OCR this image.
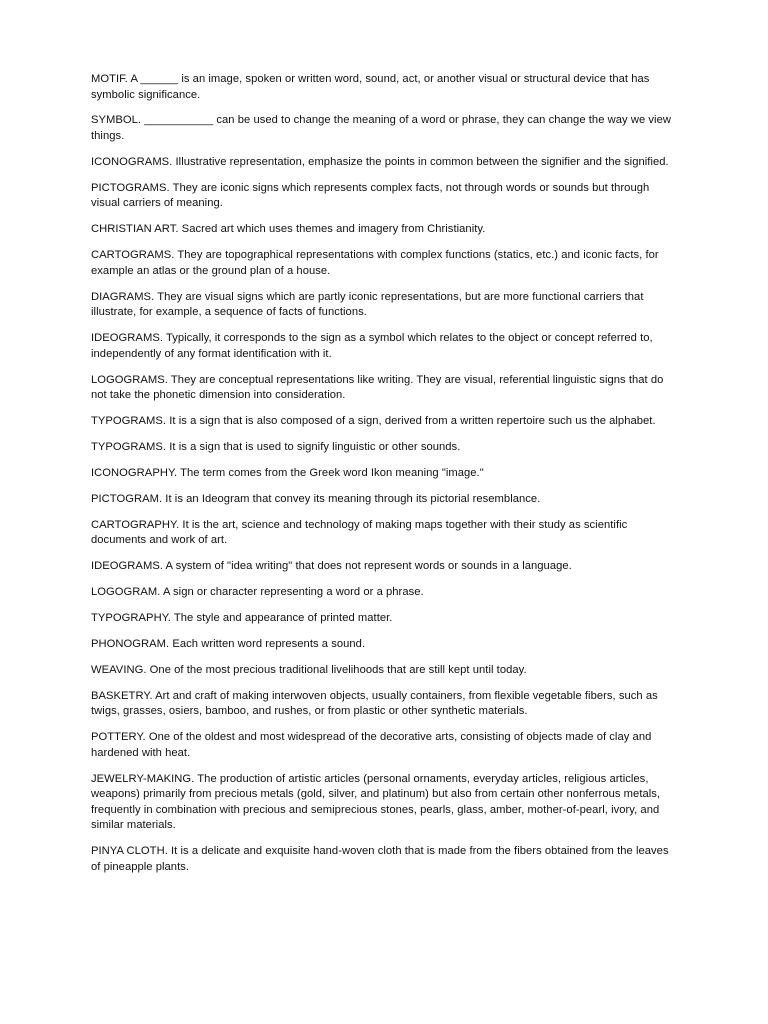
MOTIF. A ______ is an image, spoken or written word, sound, act, or another visual or structural device that has symbolic significance.

SYMBOL. ___________ can be used to change the meaning of a word or phrase, they can change the way we view things.

ICONOGRAMS. Illustrative representation, emphasize the points in common between the signifier and the signified.

PICTOGRAMS. They are iconic signs which represents complex facts, not through words or sounds but through visual carriers of meaning.

CHRISTIAN ART. Sacred art which uses themes and imagery from Christianity.

CARTOGRAMS. They are topographical representations with complex functions (statics, etc.) and iconic facts, for example an atlas or the ground plan of a house.

DIAGRAMS. They are visual signs which are partly iconic representations, but are more functional carriers that illustrate, for example, a sequence of facts of functions.

IDEOGRAMS. Typically, it corresponds to the sign as a symbol which relates to the object or concept referred to, independently of any format identification with it.

LOGOGRAMS. They are conceptual representations like writing. They are visual, referential linguistic signs that do not take the phonetic dimension into consideration.

TYPOGRAMS. It is a sign that is also composed of a sign, derived from a written repertoire such us the alphabet.

TYPOGRAMS. It is a sign that is used to signify linguistic or other sounds.

ICONOGRAPHY. The term comes from the Greek word Ikon meaning "image."

PICTOGRAM. It is an Ideogram that convey its meaning through its pictorial resemblance.

CARTOGRAPHY. It is the art, science and technology of making maps together with their study as scientific documents and work of art.

IDEOGRAMS. A system of "idea writing" that does not represent words or sounds in a language.

LOGOGRAM. A sign or character representing a word or a phrase.

TYPOGRAPHY. The style and appearance of printed matter.

PHONOGRAM. Each written word represents a sound.

WEAVING. One of the most precious traditional livelihoods that are still kept until today.

BASKETRY. Art and craft of making interwoven objects, usually containers, from flexible vegetable fibers, such as twigs, grasses, osiers, bamboo, and rushes, or from plastic or other synthetic materials.

POTTERY. One of the oldest and most widespread of the decorative arts, consisting of objects made of clay and hardened with heat.

JEWELRY-MAKING. The production of artistic articles (personal ornaments, everyday articles, religious articles, weapons) primarily from precious metals (gold, silver, and platinum) but also from certain other nonferrous metals, frequently in combination with precious and semiprecious stones, pearls, glass, amber, mother-of-pearl, ivory, and similar materials.

PINYA CLOTH. It is a delicate and exquisite hand-woven cloth that is made from the fibers obtained from the leaves of pineapple plants.
